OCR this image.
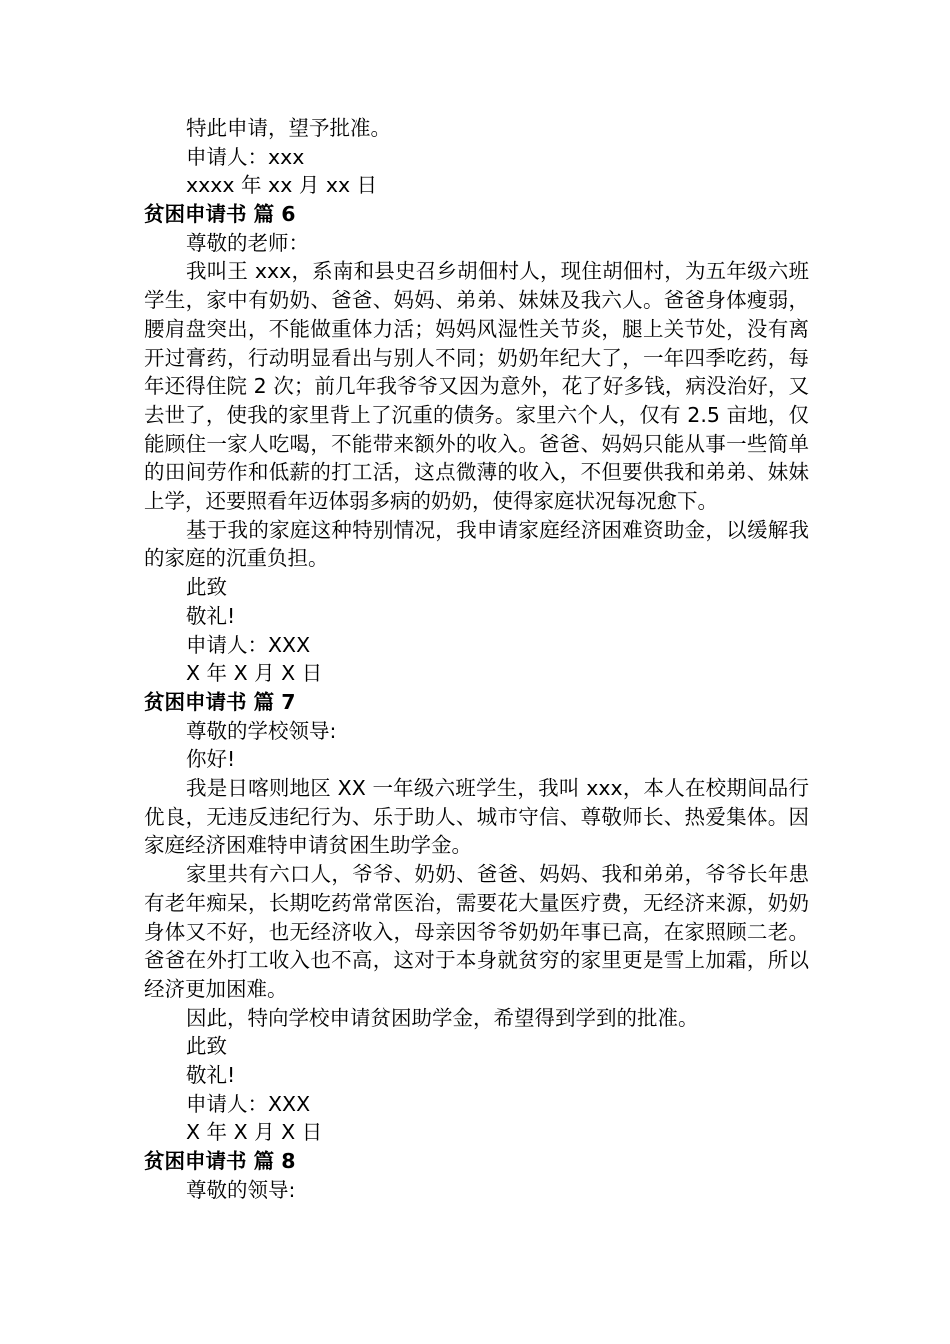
特此申请，望予批准。
申请人：xxx
xxxx 年 xx 月 xx 日
贫困申请书 篇 6
尊敬的老师：

我叫王 xxx，系南和县史召乡胡佃村人，现住胡佃村，为五年级六班学生，家中有奶奶、爸爸、妈妈、弟弟、妹妹及我六人。爸爸身体瘦弱，腰肩盘突出，不能做重体力活；妈妈风湿性关节炎，腿上关节处，没有离开过膏药，行动明显看出与别人不同；奶奶年纪大了，一年四季吃药，每年还得住院 2 次；前几年我爷爷又因为意外，花了好多钱，病没治好，又去世了，使我的家里背上了沉重的债务。家里六个人，仅有 2.5 亩地，仅能顾住一家人吃喝，不能带来额外的收入。爸爸、妈妈只能从事一些简单的田间劳作和低薪的打工活，这点微薄的收入，不但要供我和弟弟、妹妹上学，还要照看年迈体弱多病的奶奶，使得家庭状况每况愈下。

基于我的家庭这种特别情况，我申请家庭经济困难资助金，以缓解我的家庭的沉重负担。

此致
敬礼!
申请人：XXX
X 年 X 月 X 日
贫困申请书 篇 7
尊敬的学校领导:
你好!

我是日喀则地区 XX 一年级六班学生，我叫 xxx，本人在校期间品行优良，无违反违纪行为、乐于助人、城市守信、尊敬师长、热爱集体。因家庭经济困难特申请贫困生助学金。

家里共有六口人，爷爷、奶奶、爸爸、妈妈、我和弟弟，爷爷长年患有老年痴呆，长期吃药常常医治，需要花大量医疗费，无经济来源，奶奶身体又不好，也无经济收入，母亲因爷爷奶奶年事已高，在家照顾二老。爸爸在外打工收入也不高，这对于本身就贫穷的家里更是雪上加霜，所以经济更加困难。

因此，特向学校申请贫困助学金，希望得到学到的批准。

此致
敬礼!
申请人：XXX
X 年 X 月 X 日
贫困申请书 篇 8
尊敬的领导:
